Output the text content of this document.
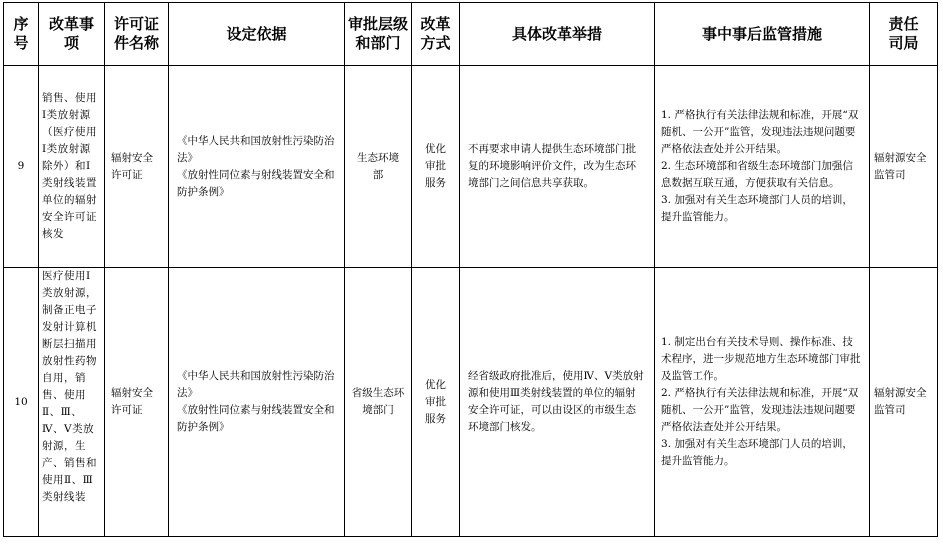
序号	改革事项	许可证件名称	设定依据	审批层级和部门	改革方式	具体改革举措	事中事后监管措施	责任司局
9	销售、使用Ⅰ类放射源（医疗使用Ⅰ类放射源除外）和Ⅰ类射线装置单位的辐射安全许可证核发	辐射安全许可证	《中华人民共和国放射性污染防治法》
《放射性同位素与射线装置安全和防护条例》	生态环境部	优化审批服务	不再要求申请人提供生态环境部门批复的环境影响评价文件，改为生态环境部门之间信息共享获取。	1. 严格执行有关法律法规和标准，开展“双随机、一公开”监管，发现违法违规问题要严格依法查处并公开结果。
2. 生态环境部和省级生态环境部门加强信息数据互联互通，方便获取有关信息。
3. 加强对有关生态环境部门人员的培训，提升监管能力。	辐射源安全监管司
10	医疗使用Ⅰ类放射源，制备正电子发射计算机断层扫描用放射性药物自用，销售、使用Ⅱ、Ⅲ、Ⅳ、Ⅴ类放射源，生产、销售和使用Ⅱ、Ⅲ类射线装	辐射安全许可证	《中华人民共和国放射性污染防治法》
《放射性同位素与射线装置安全和防护条例》	省级生态环境部门	优化审批服务	经省级政府批准后，使用Ⅳ、Ⅴ类放射源和使用Ⅲ类射线装置的单位的辐射安全许可证，可以由设区的市级生态环境部门核发。	1. 制定出台有关技术导则、操作标准、技术程序，进一步规范地方生态环境部门审批及监管工作。
2. 严格执行有关法律法规和标准，开展“双随机、一公开”监管，发现违法违规问题要严格依法查处并公开结果。
3. 加强对有关生态环境部门人员的培训，提升监管能力。	辐射源安全监管司
